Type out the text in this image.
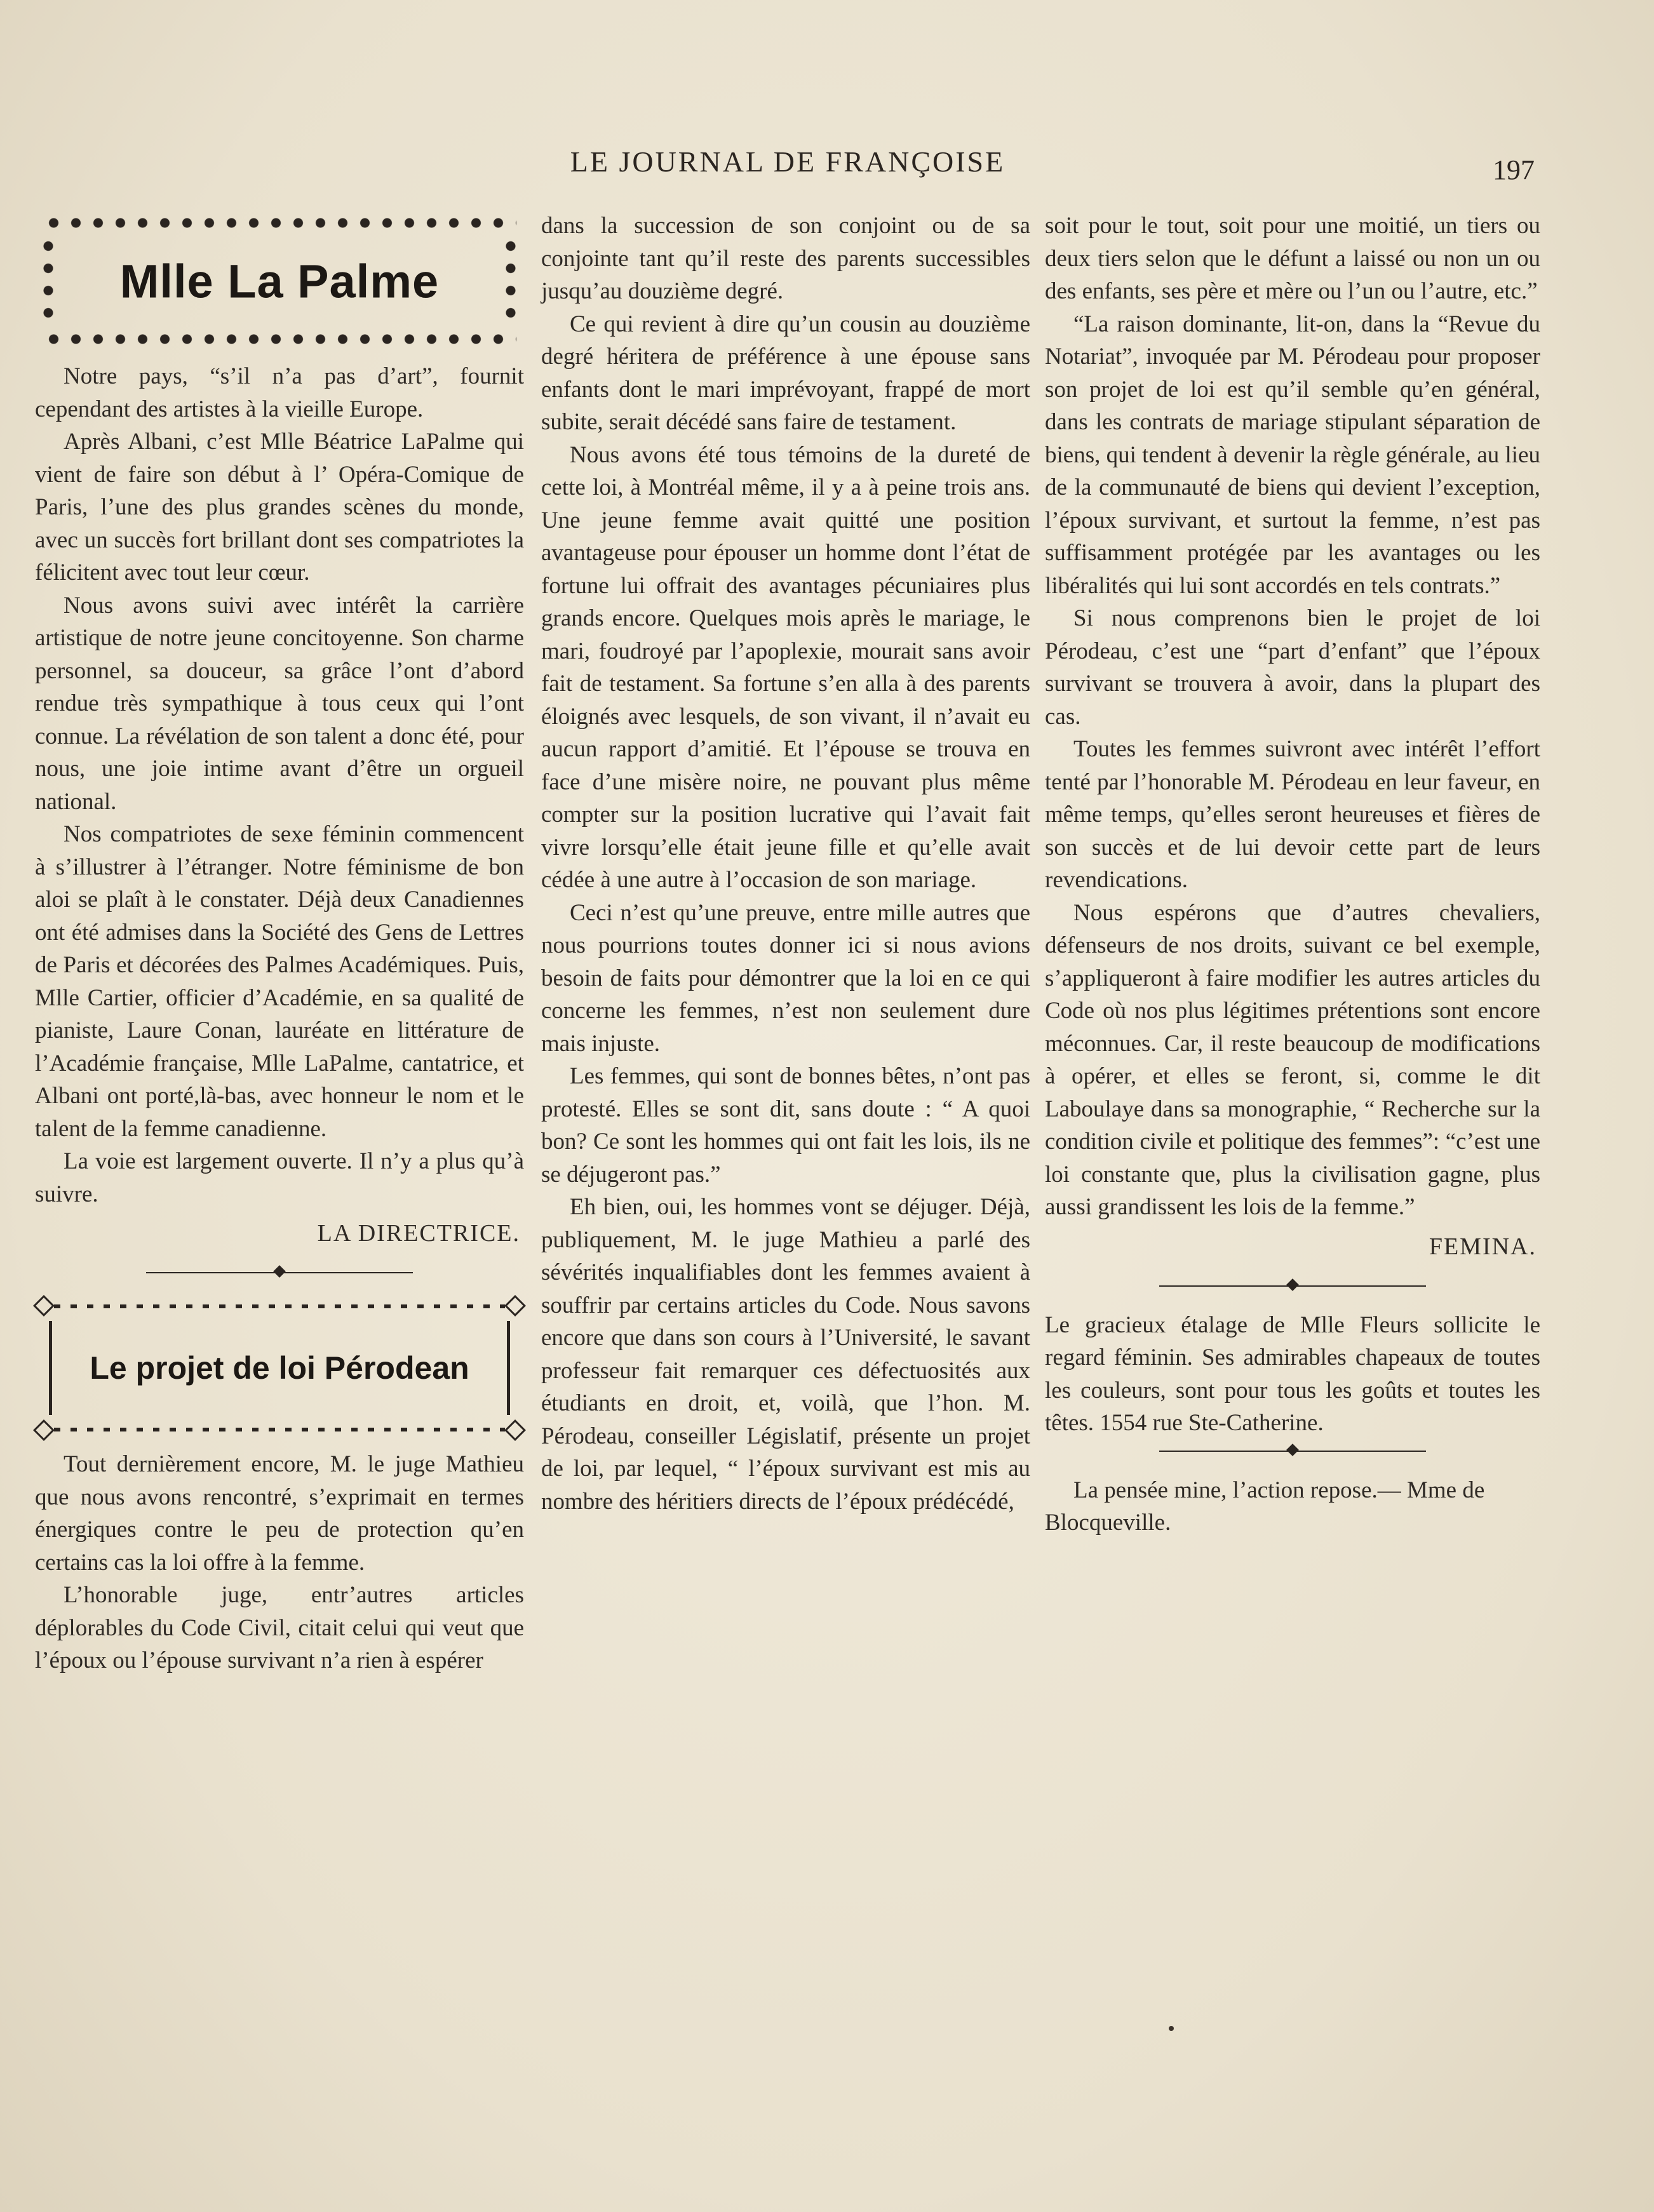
LE JOURNAL DE FRANÇOISE	197
Mlle La Palme

Notre pays, “s’il n’a pas d’art”, fournit cependant des artistes à la vieille Europe.

Après Albani, c’est Mlle Béatrice LaPalme qui vient de faire son début à l’ Opéra-Comique de Paris, l’une des plus grandes scènes du monde, avec un succès fort brillant dont ses compatriotes la félicitent avec tout leur cœur.

Nous avons suivi avec intérêt la carrière artistique de notre jeune concitoyenne. Son charme personnel, sa douceur, sa grâce l’ont d’abord rendue très sympathique à tous ceux qui l’ont connue. La révélation de son talent a donc été, pour nous, une joie intime avant d’être un orgueil national.

Nos compatriotes de sexe féminin commencent à s’illustrer à l’étranger. Notre féminisme de bon aloi se plaît à le constater. Déjà deux Canadiennes ont été admises dans la Société des Gens de Lettres de Paris et décorées des Palmes Académiques. Puis, Mlle Cartier, officier d’Académie, en sa qualité de pianiste, Laure Conan, lauréate en littérature de l’Académie française, Mlle LaPalme, cantatrice, et Albani ont porté,là-bas, avec honneur le nom et le talent de la femme canadienne.

La voie est largement ouverte. Il n’y a plus qu’à suivre.

LA DIRECTRICE.
Le projet de loi Pérodean

Tout dernièrement encore, M. le juge Mathieu que nous avons rencontré, s’exprimait en termes énergiques contre le peu de protection qu’en certains cas la loi offre à la femme.

L’honorable juge, entr’autres articles déplorables du Code Civil, citait celui qui veut que l’époux ou l’épouse survivant n’a rien à espérer

dans la succession de son conjoint ou de sa conjointe tant qu’il reste des parents successibles jusqu’au douzième degré.

Ce qui revient à dire qu’un cousin au douzième degré héritera de préférence à une épouse sans enfants dont le mari imprévoyant, frappé de mort subite, serait décédé sans faire de testament.

Nous avons été tous témoins de la dureté de cette loi, à Montréal même, il y a à peine trois ans. Une jeune femme avait quitté une position avantageuse pour épouser un homme dont l’état de fortune lui offrait des avantages pécuniaires plus grands encore. Quelques mois après le mariage, le mari, foudroyé par l’apoplexie, mourait sans avoir fait de testament. Sa fortune s’en alla à des parents éloignés avec lesquels, de son vivant, il n’avait eu aucun rapport d’amitié. Et l’épouse se trouva en face d’une misère noire, ne pouvant plus même compter sur la position lucrative qui l’avait fait vivre lorsqu’elle était jeune fille et qu’elle avait cédée à une autre à l’occasion de son mariage.

Ceci n’est qu’une preuve, entre mille autres que nous pourrions toutes donner ici si nous avions besoin de faits pour démontrer que la loi en ce qui concerne les femmes, n’est non seulement dure mais injuste.

Les femmes, qui sont de bonnes bêtes, n’ont pas protesté. Elles se sont dit, sans doute : “ A quoi bon? Ce sont les hommes qui ont fait les lois, ils ne se déjugeront pas.”

Eh bien, oui, les hommes vont se déjuger. Déjà, publiquement, M. le juge Mathieu a parlé des sévérités inqualifiables dont les femmes avaient à souffrir par certains articles du Code. Nous savons encore que dans son cours à l’Université, le savant professeur fait remarquer ces défectuosités aux étudiants en droit, et, voilà, que l’hon. M. Pérodeau, conseiller Législatif, présente un projet de loi, par lequel, “ l’époux survivant est mis au nombre des héritiers directs de l’époux prédécédé,

soit pour le tout, soit pour une moitié, un tiers ou deux tiers selon que le défunt a laissé ou non un ou des enfants, ses père et mère ou l’un ou l’autre, etc.”

“La raison dominante, lit-on, dans la “Revue du Notariat”, invoquée par M. Pérodeau pour proposer son projet de loi est qu’il semble qu’en général, dans les contrats de mariage stipulant séparation de biens, qui tendent à devenir la règle générale, au lieu de la communauté de biens qui devient l’exception, l’époux survivant, et surtout la femme, n’est pas suffisamment protégée par les avantages ou les libéralités qui lui sont accordés en tels contrats.”

Si nous comprenons bien le projet de loi Pérodeau, c’est une “part d’enfant” que l’époux survivant se trouvera à avoir, dans la plupart des cas.

Toutes les femmes suivront avec intérêt l’effort tenté par l’honorable M. Pérodeau en leur faveur, en même temps, qu’elles seront heureuses et fières de son succès et de lui devoir cette part de leurs revendications.

Nous espérons que d’autres chevaliers, défenseurs de nos droits, suivant ce bel exemple, s’appliqueront à faire modifier les autres articles du Code où nos plus légitimes prétentions sont encore méconnues. Car, il reste beaucoup de modifications à opérer, et elles se feront, si, comme le dit Laboulaye dans sa monographie, “ Recherche sur la condition civile et politique des femmes”: “c’est une loi constante que, plus la civilisation gagne, plus aussi grandissent les lois de la femme.”

FEMINA.

Le gracieux étalage de Mlle Fleurs sollicite le regard féminin. Ses admirables chapeaux de toutes les couleurs, sont pour tous les goûts et toutes les têtes. 1554 rue Ste-Catherine.

La pensée mine, l’action repose.— Mme de Blocqueville.
